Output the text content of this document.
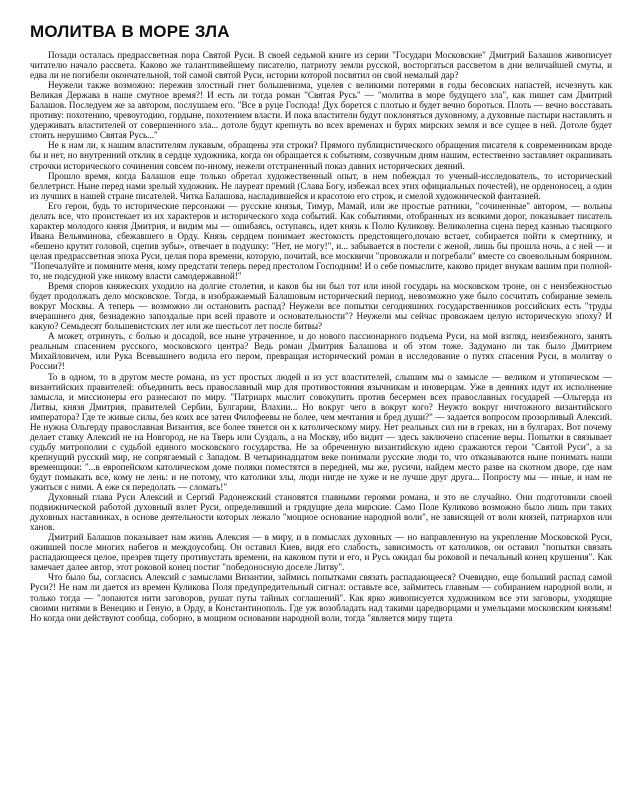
МОЛИТВА В МОРЕ ЗЛА

Позади осталась предрассветная пора Святой Руси. В своей седьмой книге из серии "Государи Московские" Дмитрий Балашов живописует читателю начало рассвета. Каково же талантливейшему писателю, патриоту земли русской, восторгаться рассветом в дни величайшей смуты, и едва ли не погибели окончательной, той самой святой Руси, истории которой посвятил он свой немалый дар?

Неужели также возможно: пережив злостный гнет большевизма, уцелев с великими потерями в годы бесовских напастей, исчезнуть как Великая Держава в наше смутное время?! И есть ли тогда роман "Святая Русь" — "молитва в море будущего зла", как пишет сам Дмитрий Балашов. Последуем же за автором, послушаем его. "Все в руце Господа! Дух борется с плотью и будет вечно бороться. Плоть — вечно восставать противу: похотению, чревоугодию, гордыне, похотением власти. И пока властители будут поклоняться духовному, а духовные пастыри наставлять и удерживать властителей от совершенного зла... дотоле будут крепнуть во всех временах и бурях мирских земля и все сущее в ней. Дотоле будет стоять нерушимо Святая Русь..."

Не к нам ли, к нашим властителям лукавым, обращены эти строки? Прямого публицистического обращения писателя к современникам вроде бы и нет, но внутренний отклик в сердце художника, когда он обращается к событиям, созвучным дням нашим, естественно заставляет окрашивать строчки исторического сочинения совсем по-иному, нежели отстраненный показ давних исторических деяний.

Прошло время, когда Балашов еще только обретал художественный опыт, в нем побеждал то ученый-исследователь, то исторический беллетрист. Ныне перед нами зрелый художник. Не лауреат премий (Слава Богу, избежал всех этих официальных почестей), не орденоносец, а один из лучших в нашей стране писателей. Читка Балашова, насладившейся и красотою его строк, и смелой художнической фантазией.

Его герои, будь то исторические персонажи — русские князья, Тимур, Мамай, или же простые ратники, "сочиненные" автором, — вольны делать все, что проистекает из их характеров и исторического хода событий. Как событиями, отобранных из всякими дорог, показывает писатель характер молодого князя Дмитрия, и видим мы — ошибаясь, оступаясь, идет князь к Полю Куликову. Великолепна сцена перед казнью тысяцкого Ивана Вельяминова, сбежавшего в Орду. Князь сердцем понимает жестокость предстоящего,почаю встает, собирается пойти к смертнику, и «бешено крутит головой, сцепив зубы», отвечает в подушку: "Нет, не могу!", и... забывается в постели с женой, лишь бы прошла ночь, а с ней — и целая предрассветная эпоха Руси, целая пора времени, которую, почитай, все москвичи "провожали и погребали" вместе со своевольным боярином. "Попечалуйте и помяните меня, кому предстати теперь перед престолом Господним! И о себе помыслите, каково придет внукам вашим при полной-то, не подсудной уже никому власти самодержавной!"

Время споров княжеских уходило на долгие столетия, и каков бы ни был тот или иной государь на московском троне, он с неизбежностью будет продолжать дело московское. Тогда, в изображаемый Балашовым исторический период, невозможно уже было сосчитать собирание земель вокруг Москвы. А теперь — возможно ли остановить распад? Неужели все попытки сегодняшних государственников российских есть "труды вчерашнего дня, безнадежно запоздалые при всей правоте и основательности"? Неужели мы сейчас провожаем целую историческую эпоху? И какую? Семьдесят большевистских лет или же шестьсот лет после битвы?

А может, отринуть, с болью и досадой, все ныне утраченное, и до нового пассионарного подъема Руси, на мой взгляд, неизбежного, занять реальным спасением русского, московского центра? Ведь роман Дмитрия Балашова и об этом тоже. Задумано ли так было Дмитрием Михайловичем, или Рука Всевышнего водила его пером, превращая исторический роман в исследование о путях спасения Руси, в молитву о России?!

То в одном, то в другом месте романа, из уст простых людей и из уст властителей, слышим мы о замысле — великом и утопическом — византийских правителей: объединить весь православный мир для противостояния язычникам и иноверцам. Уже в деяниях идут их исполнение замысла, и миссионеры его разнесают по миру. "Патриарх мыслит совокупить против бесермен всех православных государей —Ольгерда из Литвы, князя Дмитрия, правителей Сербии, Булгарии, Влахии... Но вокруг чего в вокруг кого? Неужто вокруг ничтожного византийского императора? Где те живые силы, без коих все затеи Филофеевы не более, чем мечтания и бред души?" — задается вопросом прозорливый Алексий. Не нужна Ольгерду православная Византия, все более тянется он к католическому миру. Нет реальных сил ни в греках, ни в булгарах. Вот почему делает ставку Алексий не на Новгород, не на Тверь или Суздаль, а на Москву, ибо видит — здесь заключено спасение веры. Попытки в связывает судьбу митрополии с судьбой единого московского государства. Не за обреченную византийскую идею сражаются герои "Святой Руси", а за крепнущий русский мир, не сопрягаемый с Западом. В четыринадцатом веке понимали русские люди то, что отказываются ныне понимать наши временщики: "...в европейском католическом доме поляки поместятся в передней, мы же, русичи, найдем место разве на скотном дворе, где нам будут помыкать все, кому не лень: и не потому, что католики злы, люди нигде не хуже и не лучше друг друга... Попросту мы — иные, и нам не ужиться с ними. А еже ся передолать — сломать!"

Духовный глава Руси Алексий и Сергий Радонежский становятся главными героями романа, и это не случайно. Они подготовили своей подвижнической работой духовный взлет Руси, определивший и грядущие дела мирские. Само Поле Куликово возможно было лишь при таких духовных наставниках, в основе деятельности которых лежало "мощное основание народной воли", не зависящей от воли князей, патриархов или ханов.

Дмитрий Балашов показывает нам жизнь Алексия — в миру, и в помыслах духовных — но направленную на укрепление Московской Руси, ожившей после многих набегов и междоусобиц. Он оставил Киев, видя его слабость, зависимость от католиков, он оставил "попытки связать распадающееся целое, презрев тщету противустать времени, на каковом пути и его, и Русь ожидал бы роковой и печальный конец крушения". Как замечает далее автор, этот роковой конец постиг "победоносную доселе Литву".

Что было бы, согласись Алексий с замыслами Византии, займись попытками связать распадающееся? Очевидно, еще больший распад самой Руси?! Не нам ли дается из времен Куликова Поля предупредительный сигнал: оставьте все, займитесь главным — собиранием народной воли, и только тогда — "лопаются нити заговоров, рушат путы тайных соглашений". Как ярко живописуется художником все эти заговоры, уходящие своими нитями в Венецию и Геную, в Орду, в Константинополь. Где уж возобладать над такими царедворцами и умельцами московским князьям! Но когда они действуют сообща, соборно, в мощном основании народной воли, тогда "является миру тщета
